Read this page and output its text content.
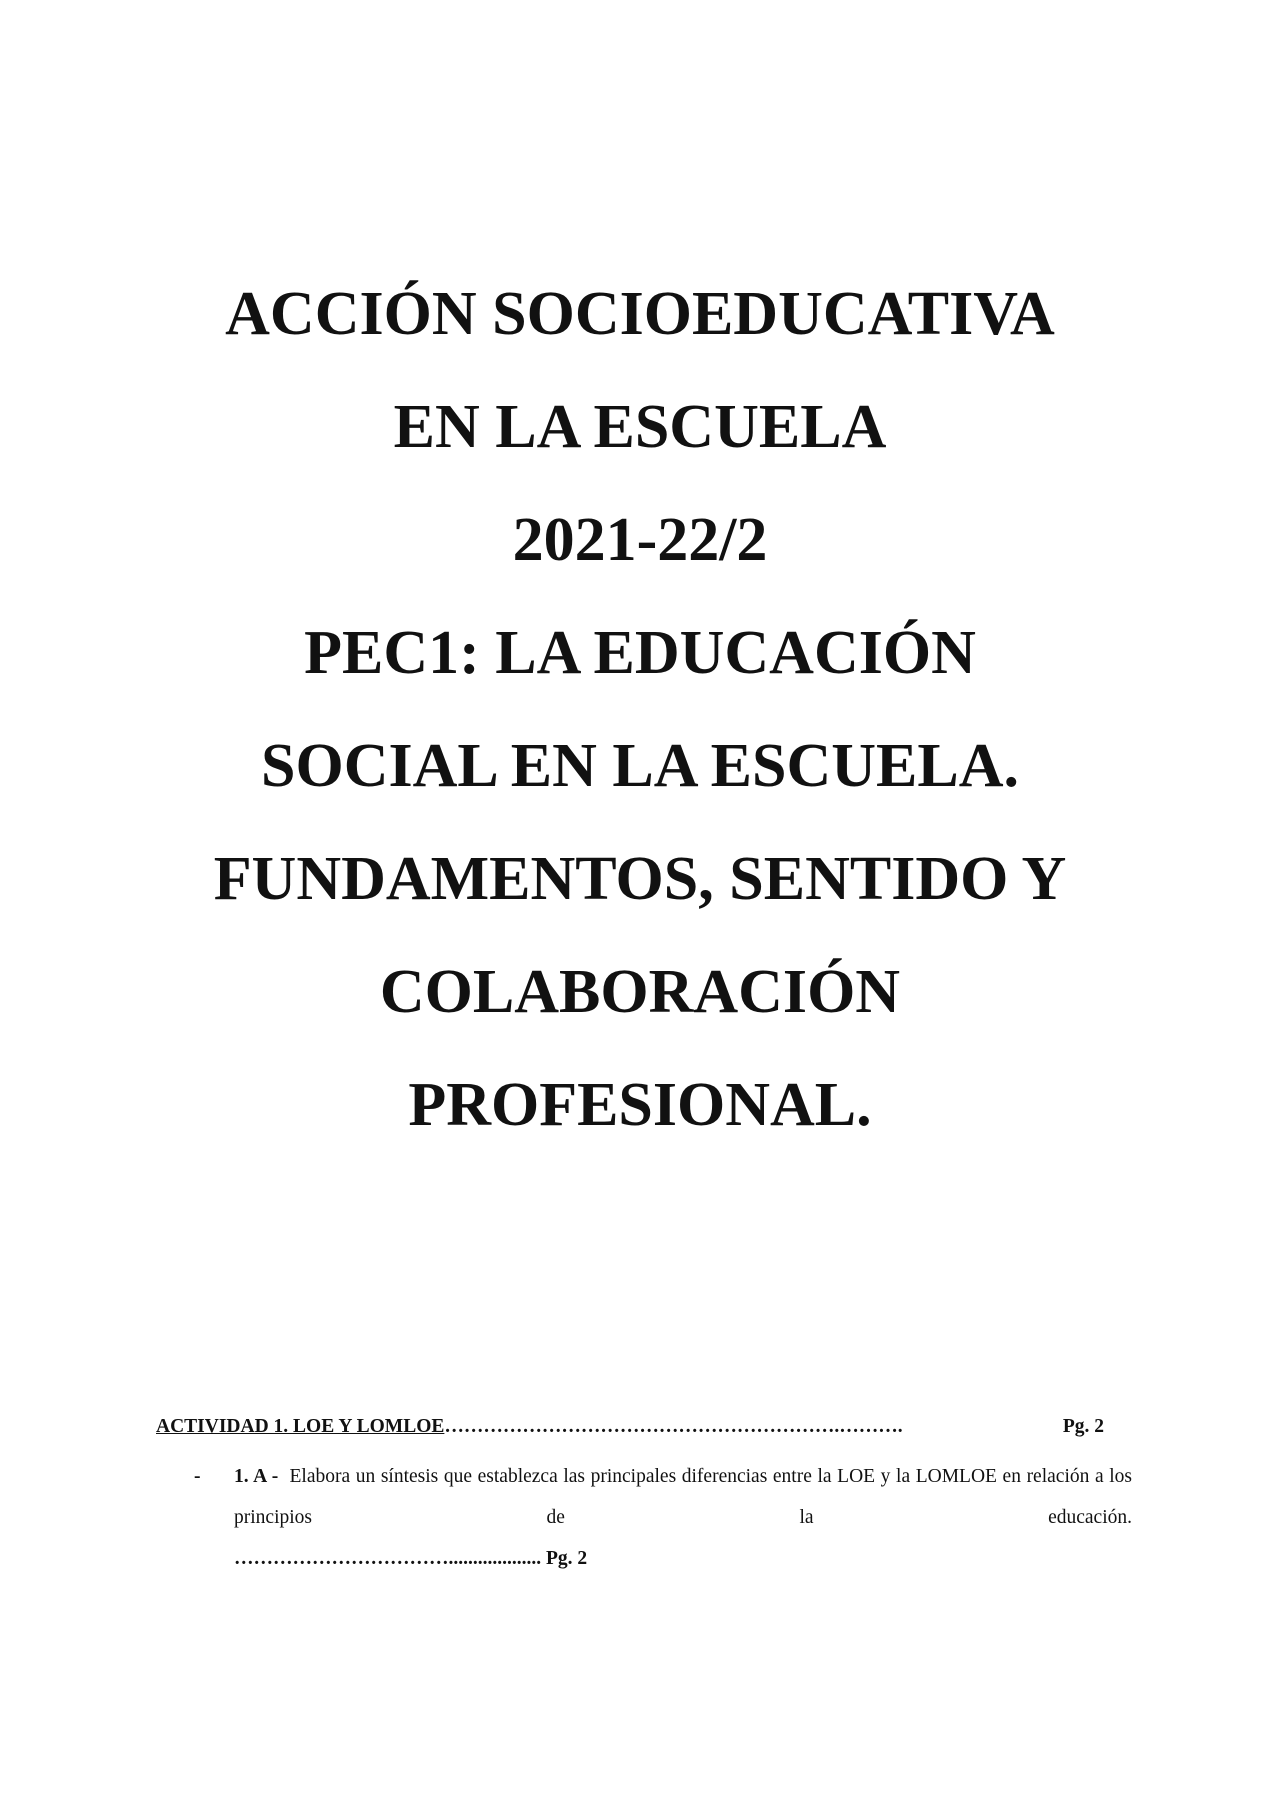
ACCIÓN SOCIOEDUCATIVA
EN LA ESCUELA
2021-22/2
PEC1: LA EDUCACIÓN
SOCIAL EN LA ESCUELA.
FUNDAMENTOS, SENTIDO Y
COLABORACIÓN
PROFESIONAL.
ACTIVIDAD 1. LOE Y LOMLOE …………………………………………………….……….	Pg. 2
- 1. A - Elabora un síntesis que establezca las principales diferencias entre la LOE y la LOMLOE en relación a los principios de la educación.
……………………………................... Pg. 2
